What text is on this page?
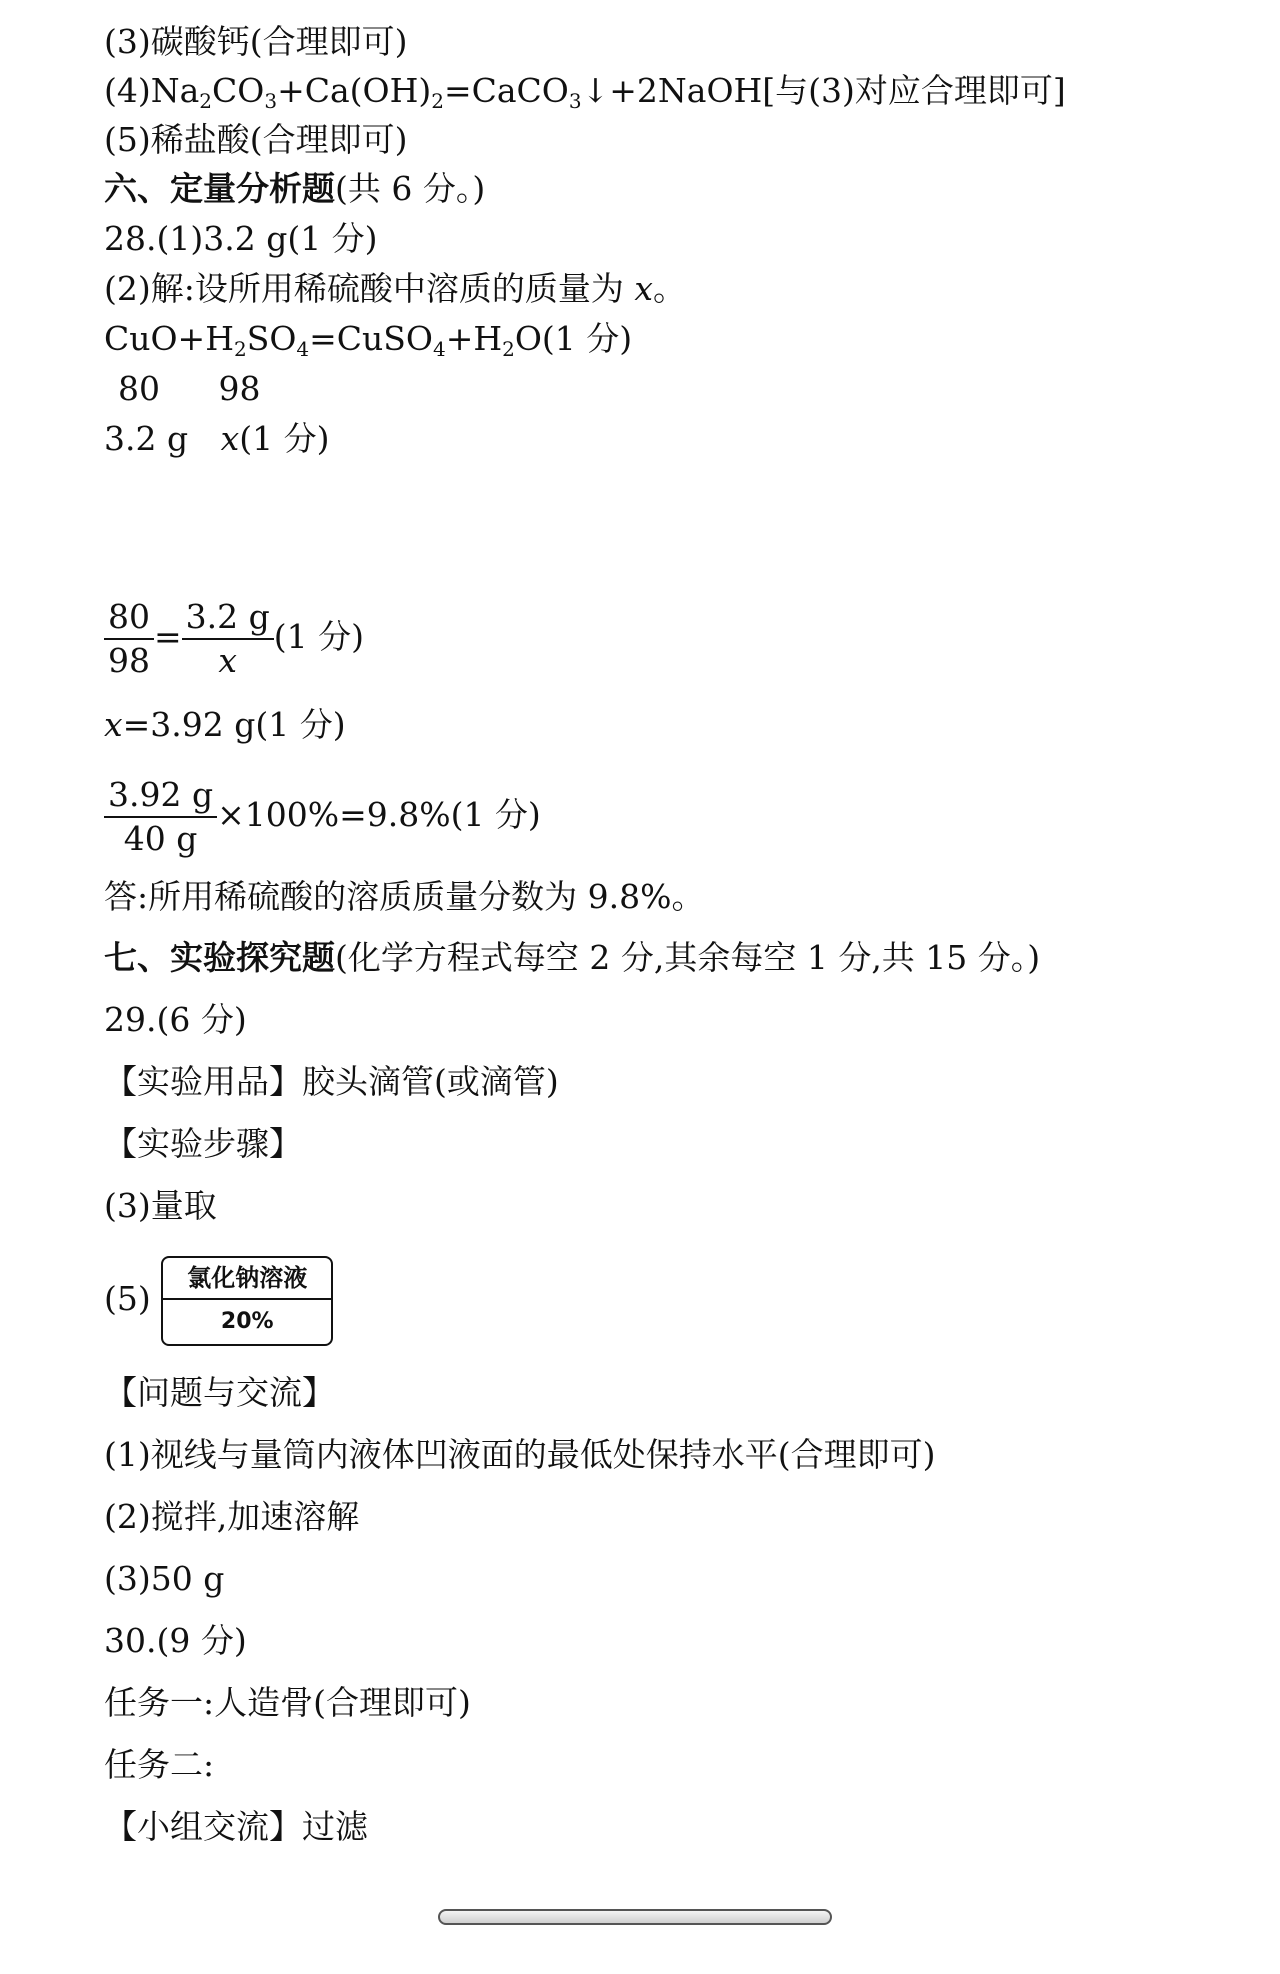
(3)碳酸钙(合理即可)
$(4)Na_2CO_3+Ca(OH)_2=CaCO_3↓+2NaOH$[与(3)对应合理即可]
(5)稀盐酸(合理即可)
六、定量分析题(共 6 分。)
28.(1)3.2 g(1 分)
(2)解:设所用稀硫酸中溶质的质量为 x。
$CuO+H_2SO_4=CuSO_4+H_2O(1$ 分)
80 98
3.2 g x(1 分)
$\frac{80}{98} = \frac{3.2 g}{x} (1$ 分)
x=3.92 g(1 分)
$\frac{3.92 g}{40 g} \times 100\%=9.8\%(1$ 分)
答:所用稀硫酸的溶质质量分数为 9.8%。
七、实验探究题(化学方程式每空 2 分,其余每空 1 分,共 15 分。)
29.(6 分)
【实验用品】胶头滴管(或滴管)
【实验步骤】
(3)量取
(5)
氯化钠溶液
20%
【问题与交流】
(1)视线与量筒内液体凹液面的最低处保持水平(合理即可)
(2)搅拌,加速溶解
(3)50 g
30.(9 分)
任务一:人造骨(合理即可)
任务二:
【小组交流】过滤
